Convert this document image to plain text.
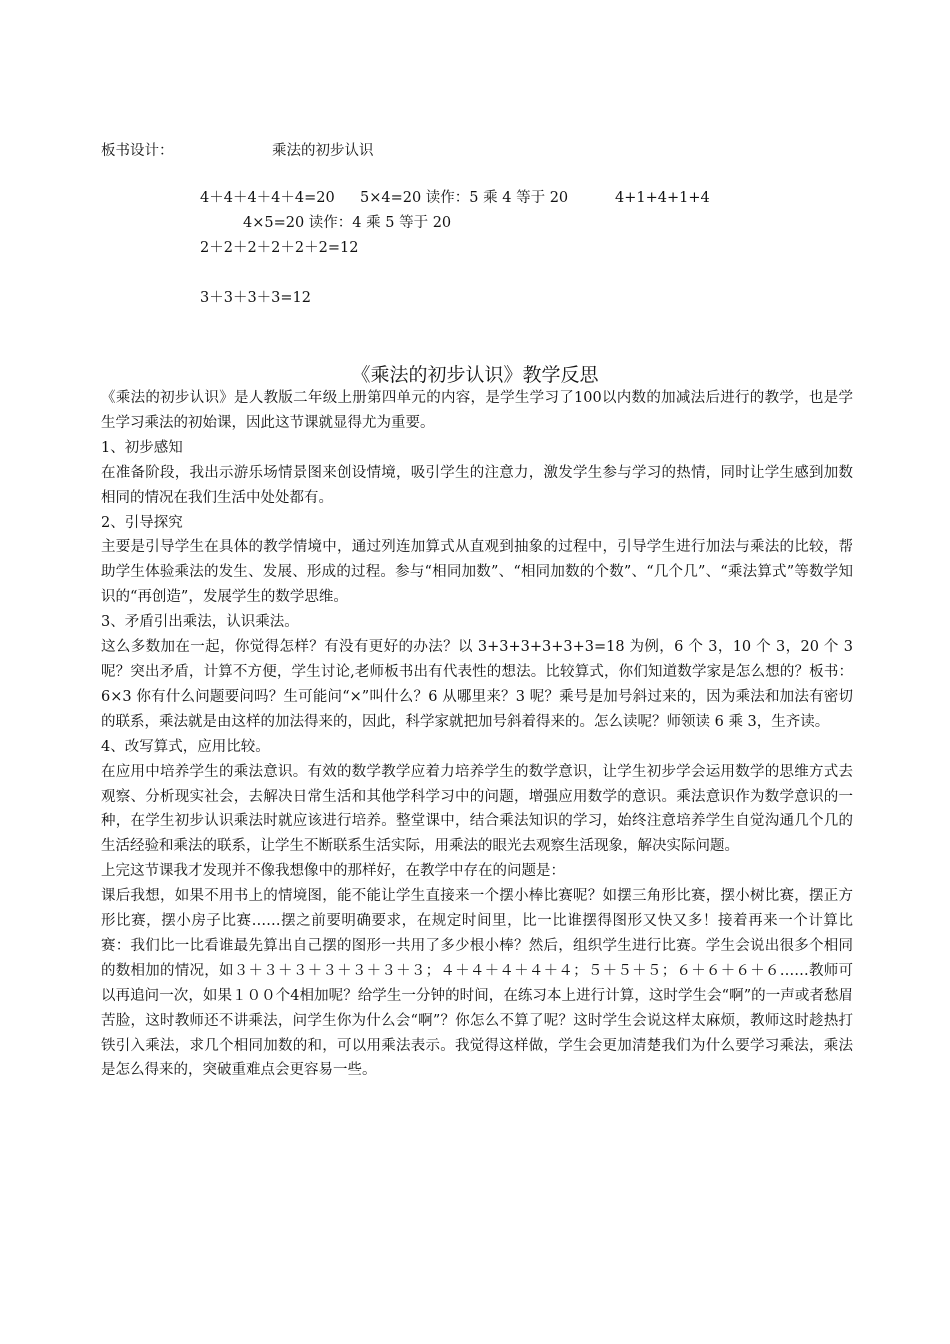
板书设计：	乘法的初步认识
4＋4＋4＋4＋4=20 5×4=20 读作：5 乘 4 等于 20	4+1+4+1+4
4×5=20 读作：4 乘 5 等于 20
2＋2＋2＋2＋2＋2=12
3＋3＋3＋3=12
《乘法的初步认识》教学反思

《乘法的初步认识》是人教版二年级上册第四单元的内容，是学生学习了100以内数的加减法后进行的教学，也是学生学习乘法的初始课，因此这节课就显得尤为重要。

1、初步感知

在准备阶段，我出示游乐场情景图来创设情境，吸引学生的注意力，激发学生参与学习的热情，同时让学生感到加数相同的情况在我们生活中处处都有。

2、引导探究

主要是引导学生在具体的教学情境中，通过列连加算式从直观到抽象的过程中，引导学生进行加法与乘法的比较，帮助学生体验乘法的发生、发展、形成的过程。参与“相同加数”、“相同加数的个数”、“几个几”、“乘法算式”等数学知识的“再创造”，发展学生的数学思维。

3、矛盾引出乘法，认识乘法。

这么多数加在一起，你觉得怎样？有没有更好的办法？以 3+3+3+3+3+3=18 为例，6 个 3，10 个 3，20 个 3 呢？突出矛盾，计算不方便，学生讨论,老师板书出有代表性的想法。比较算式，你们知道数学家是怎么想的？板书：6×3 你有什么问题要问吗？生可能问“×”叫什么？6 从哪里来？3 呢？乘号是加号斜过来的，因为乘法和加法有密切的联系，乘法就是由这样的加法得来的，因此，科学家就把加号斜着得来的。怎么读呢？师领读 6 乘 3，生齐读。

4、改写算式，应用比较。

在应用中培养学生的乘法意识。有效的数学教学应着力培养学生的数学意识，让学生初步学会运用数学的思维方式去观察、分析现实社会，去解决日常生活和其他学科学习中的问题，增强应用数学的意识。乘法意识作为数学意识的一种，在学生初步认识乘法时就应该进行培养。整堂课中，结合乘法知识的学习，始终注意培养学生自觉沟通几个几的生活经验和乘法的联系，让学生不断联系生活实际，用乘法的眼光去观察生活现象，解决实际问题。

上完这节课我才发现并不像我想像中的那样好，在教学中存在的问题是：

课后我想，如果不用书上的情境图，能不能让学生直接来一个摆小棒比赛呢？如摆三角形比赛，摆小树比赛，摆正方形比赛，摆小房子比赛……摆之前要明确要求，在规定时间里，比一比谁摆得图形又快又多！接着再来一个计算比赛：我们比一比看谁最先算出自己摆的图形一共用了多少根小棒？然后，组织学生进行比赛。学生会说出很多个相同的数相加的情况，如３＋３＋３＋３＋３＋３＋３；４＋４＋４＋４＋４；５＋５＋５；６＋６＋６＋６……教师可以再追问一次，如果１００个4相加呢？给学生一分钟的时间，在练习本上进行计算，这时学生会“啊”的一声或者愁眉苦脸，这时教师还不讲乘法，问学生你为什么会“啊”？你怎么不算了呢？这时学生会说这样太麻烦，教师这时趁热打铁引入乘法，求几个相同加数的和，可以用乘法表示。我觉得这样做，学生会更加清楚我们为什么要学习乘法，乘法是怎么得来的，突破重难点会更容易一些。
